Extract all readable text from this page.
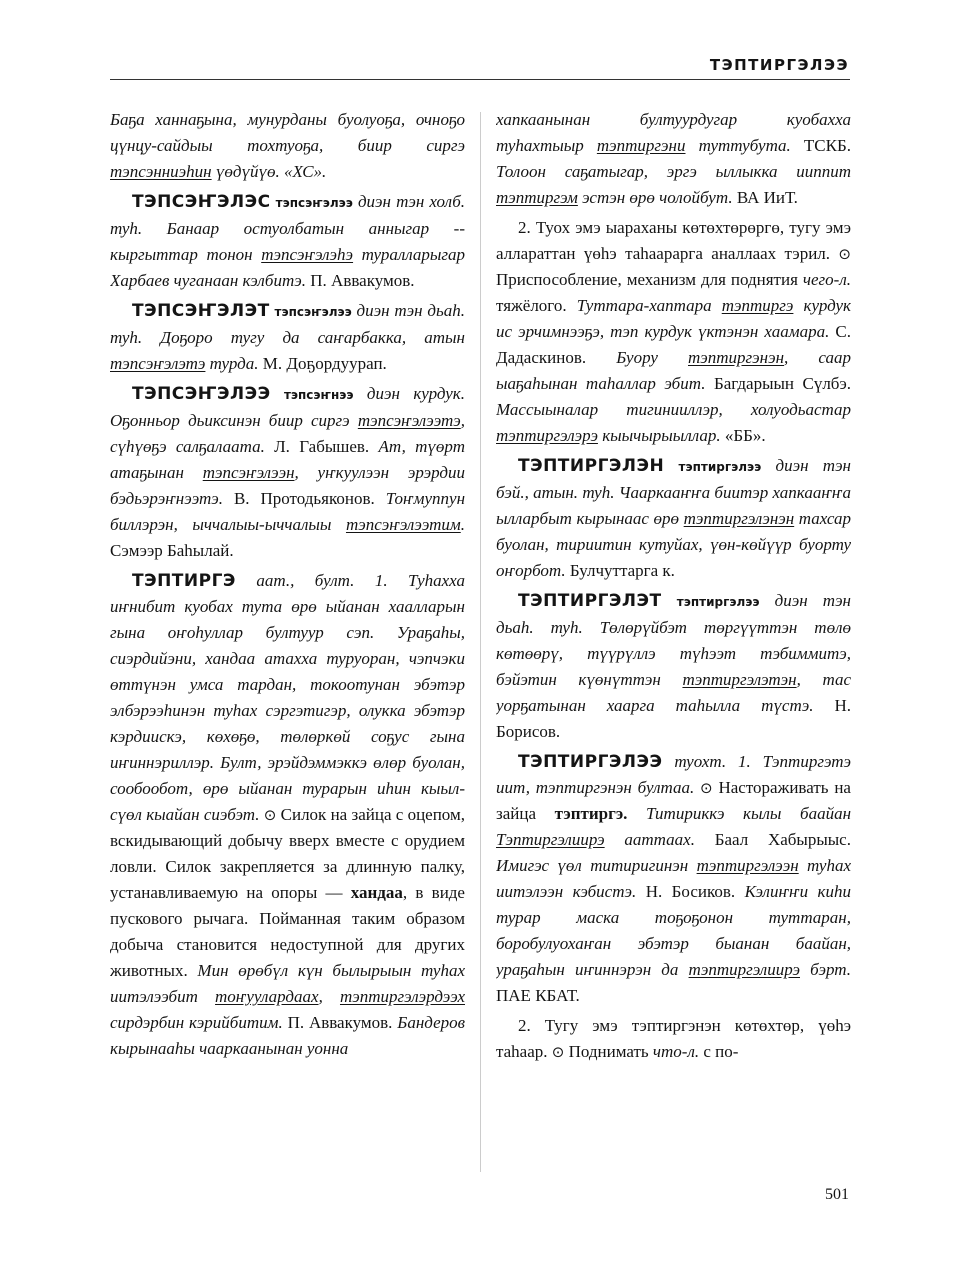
ТЭПТИРГЭЛЭЭ

Баҕа ханнаҕына, мунурданы буолуоҕа, очноҕо цүнцу-сайдыы тохтуоҕа, биир сиргэ тэпсэнниэһин үөдүйүө. «ХС».

ТЭПСЭҤЭЛЭС тэпсэҥэлээ диэн тэн холб. туһ. Банаар остуолбатын анныгар -- кыргыттар тонон тэпсэҥэлэһэ туралларыгар Харбаев чуганаан кэлбитэ. П. Аввакумов.

ТЭПСЭҤЭЛЭТ тэпсэҥэлээ диэн тэн дьаһ. туһ. Доҕоро тугу да саҥарбакка, атын тэпсэҥэлэтэ турда. М. Доҕордуурап.

ТЭПСЭҤЭЛЭЭ тэпсэҥнээ диэн курдук. Оҕонньор дьиксинэн биир сиргэ тэпсэҥэлээтэ, сүһүөҕэ салҕалаата. Л. Габышев. Ат, түөрт атаҕынан тэпсэҥэлээн, уҥкуулээн эрэрдии бэдьэрэҥнээтэ. В. Протодьяконов. Тоҥмуппун биллэрэн, ыччалыы-ыччалыы тэпсэҥэлээтим. Сэмээр Баһылай.

ТЭПТИРГЭ аат., булт. 1. Туһахха иҥнибит куобах тута өрө ыйанан хаалларын гына оҥоһуллар бултуур сэп. Ураҕаһы, сиэрдийэни, хандаа атахха туруоран, чэпчэки өттүнэн умса тардан, токоотунан эбэтэр элбэрээһинэн туһах сэргэтигэр, олукка эбэтэр кэрдиискэ, көхөҕө, төлөркөй соҕус гына иҥиннэриллэр. Булт, эрэйдэммэккэ өлөр буолан, сообообот, өрө ыйанан турарын иһин кыыл-сүөл кыайан сиэбэт. ⊙ Силок на зайца с оцепом, вскидывающий добычу вверх вместе с орудием ловли. Силок закрепляется за длинную палку, устанавливаемую на опоры — хандаа, в виде пускового рычага. Пойманная таким образом добыча становится недоступной для других животных. Мин өрөбүл күн былырыын туһах иитэлээбит тоҥуулардаах, тэптиргэлэрдээх сирдэрбин кэрийбитим. П. Аввакумов. Бандеров кырынааһы чааркаанынан уонна

хапкаанынан бултуурдугар куобахха туһахтыыр тэптиргэни туттубута. ТСКБ. Толоон саҕатыгар, эргэ ыллыкка ииппит тэптиргэм эстэн өрө чолойбут. ВА ИиТ.

2. Туох эмэ ыараханы көтөхтөрөргө, тугу эмэ аллараттан үөһэ таһаарарга аналлаах тэрил. ⊙ Приспособление, механизм для поднятия чего-л. тяжёлого. Туттара-хаптара тэптиргэ курдук ис эрчимнээҕэ, тэп курдук үктэнэн хаамара. С. Дадаскинов. Буору тэптиргэнэн, саар ыаҕаһынан таһаллар эбит. Багдарыын Сүлбэ. Массыыналар тигинииллэр, холуодьастар тэптиргэлэрэ кыычырыыллар. «ББ».

ТЭПТИРГЭЛЭН тэптиргэлээ диэн тэн бэй., атын. туһ. Чааркааҥҥа биитэр хапкааҥҥа ылларбыт кырынаас өрө тэптиргэлэнэн тахсар буолан, тириитин кутуйах, үөн-көйүүр буорту оҥорбот. Булчуттарга к.

ТЭПТИРГЭЛЭТ тэптиргэлээ диэн тэн дьаһ. туһ. Төлөрүйбэт төргүүттэн төлө көтөөрү, түүрүллэ түһээт тэбиммитэ, бэйэтин күөнүттэн тэптиргэлэтэн, тас уорҕатынан хаарга таһылла түстэ. Н. Борисов.

ТЭПТИРГЭЛЭЭ туохт. 1. Тэптиргэтэ иит, тэптиргэнэн бултаа. ⊙ Настораживать на зайца тэптиргэ. Титириккэ кылы баайан Тэптиргэлиирэ ааттаах. Баал Хабырыыс. Имигэс үөл титиригинэн тэптиргэлээн туһах иитэлээн кэбистэ. Н. Босиков. Кэлиҥҥи киһи турар маска тоҕоҕонон туттаран, боробулуохаҥан эбэтэр быанан баайан, ураҕаһын иҥиннэрэн да тэптиргэлиирэ бэрт. ПАЕ КБАТ.

2. Тугу эмэ тэптиргэнэн көтөхтөр, үөһэ таһаар. ⊙ Поднимать что-л. с по-

501
